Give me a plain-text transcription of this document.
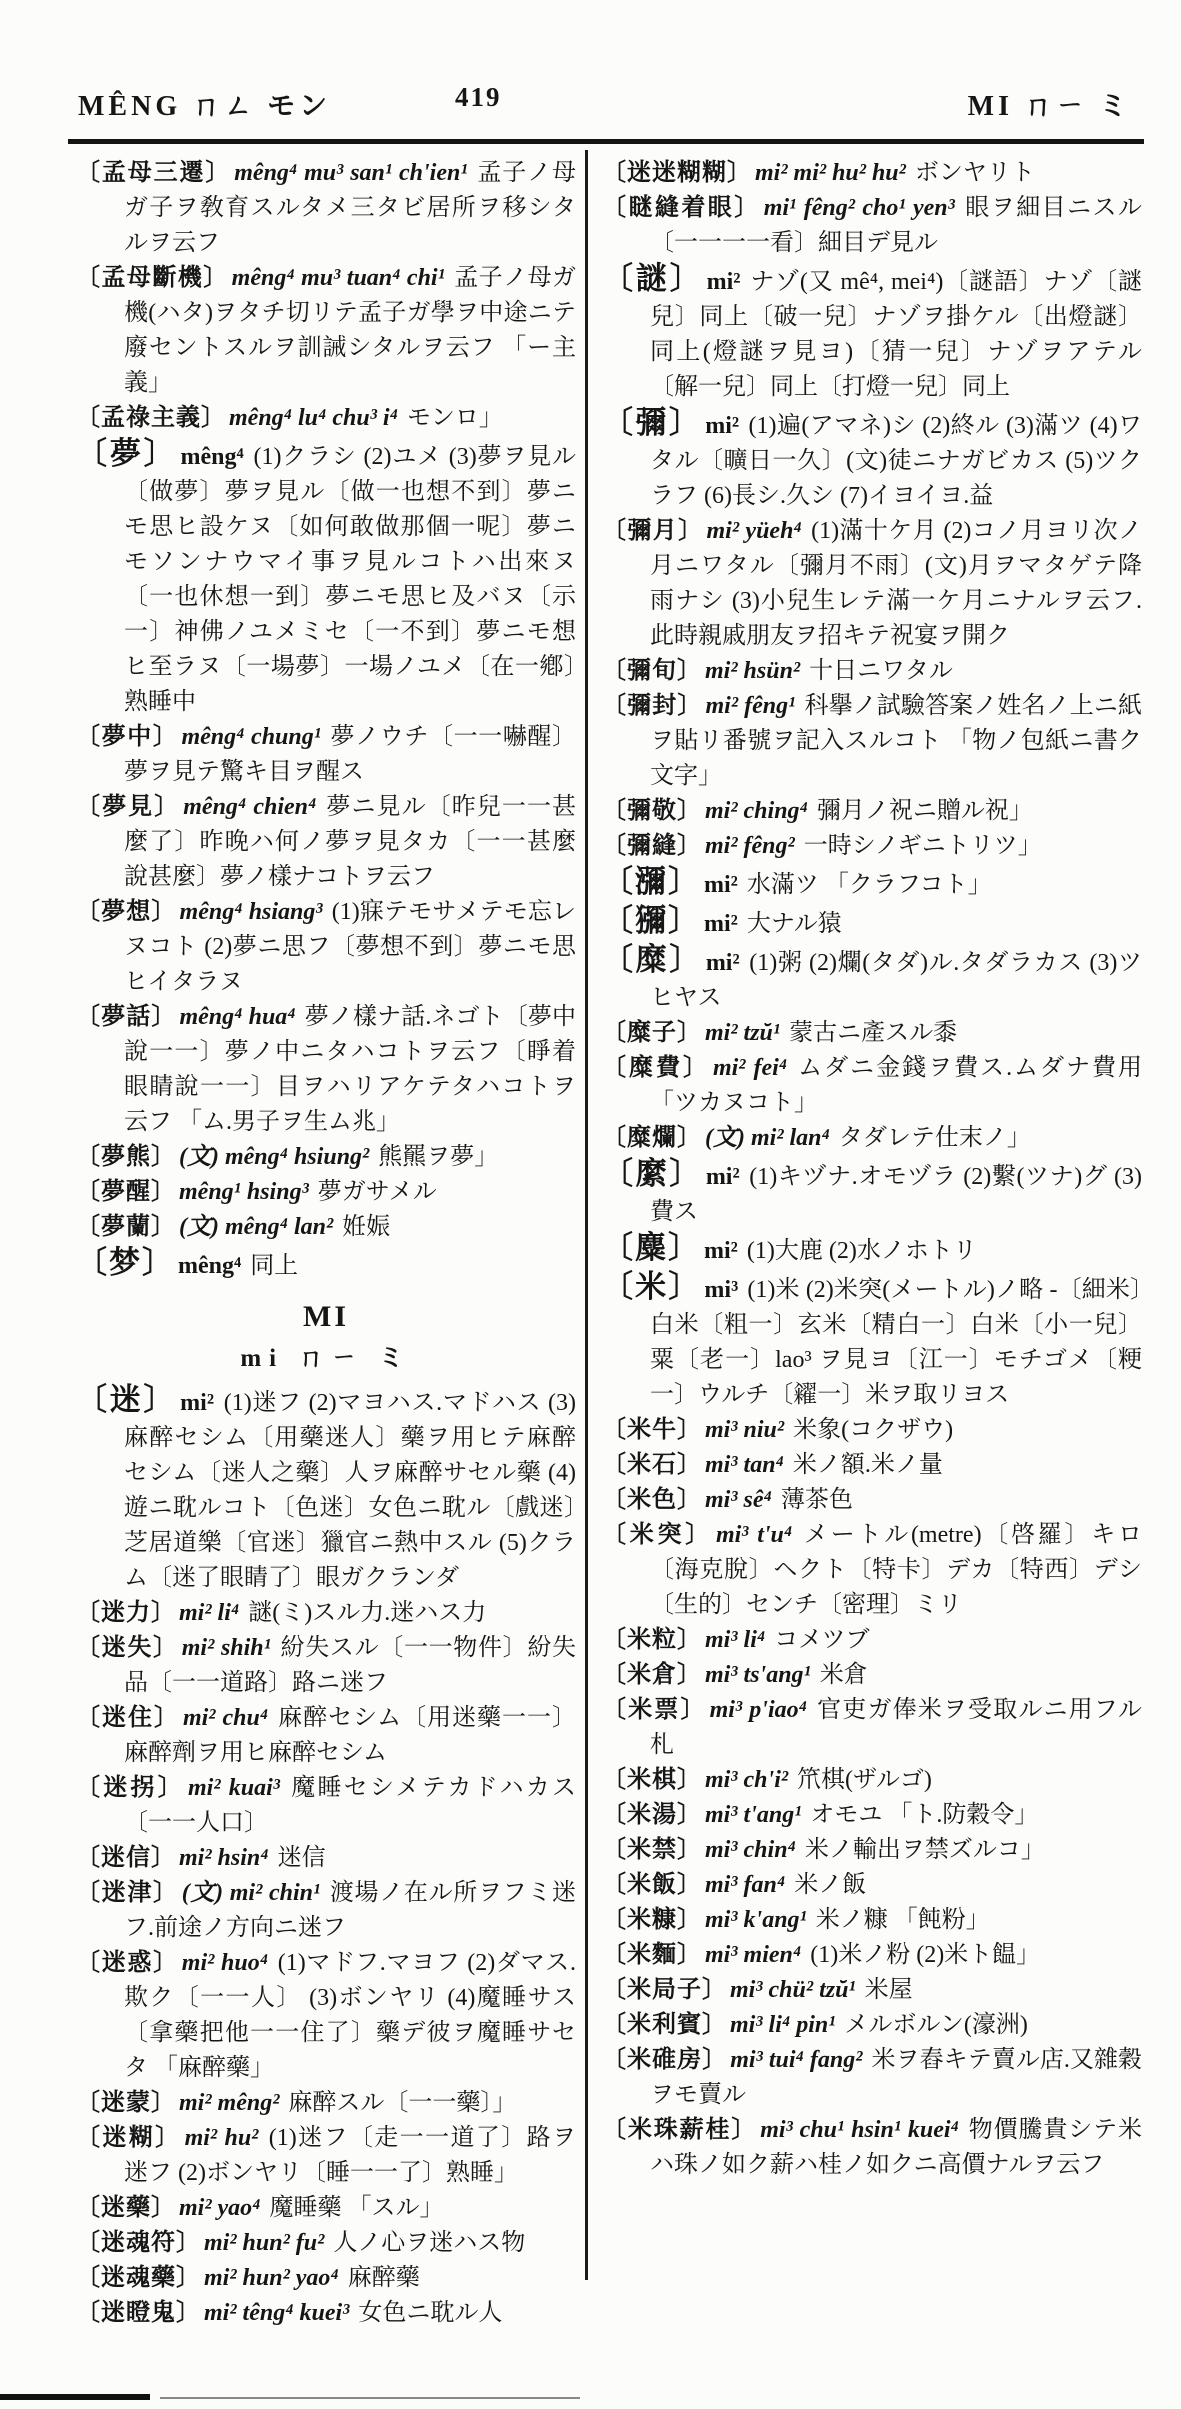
MÊNG ㄇㄥ モン	419	MI ㄇㄧ ミ

〔孟母三遷〕 mêng⁴ mu³ san¹ ch'ien¹ 孟子ノ母ガ子ヲ敎育スルタメ三タビ居所ヲ移シタルヲ云フ

〔孟母斷機〕 mêng⁴ mu³ tuan⁴ chi¹ 孟子ノ母ガ機(ハタ)ヲタチ切リテ孟子ガ學ヲ中途ニテ廢セントスルヲ訓誡シタルヲ云フ 「ー主義」

〔孟祿主義〕 mêng⁴ lu⁴ chu³ i⁴ モンロ」

〔夢〕 mêng⁴ (1)クラシ (2)ユメ (3)夢ヲ見ル 〔做夢〕夢ヲ見ル〔做一也想不到〕夢ニモ思ヒ設ケヌ〔如何敢做那個一呢〕夢ニモソンナウマイ事ヲ見ルコトハ出來ヌ〔一也休想一到〕夢ニモ思ヒ及バヌ〔示一〕神佛ノユメミセ〔一不到〕夢ニモ想ヒ至ラヌ〔一場夢〕一場ノユメ〔在一鄕〕熟睡中

〔夢中〕 mêng⁴ chung¹ 夢ノウチ〔一一嚇醒〕夢ヲ見テ驚キ目ヲ醒ス

〔夢見〕 mêng⁴ chien⁴ 夢ニ見ル〔昨兒一一甚麼了〕昨晚ハ何ノ夢ヲ見タカ〔一一甚麼說甚麼〕夢ノ樣ナコトヲ云フ

〔夢想〕 mêng⁴ hsiang³ (1)寐テモサメテモ忘レヌコト (2)夢ニ思フ〔夢想不到〕夢ニモ思ヒイタラヌ

〔夢話〕 mêng⁴ hua⁴ 夢ノ樣ナ話.ネゴト〔夢中說一一〕夢ノ中ニタハコトヲ云フ〔睜着眼睛說一一〕目ヲハリアケテタハコトヲ云フ 「ム.男子ヲ生ム兆」

〔夢熊〕 (文) mêng⁴ hsiung² 熊羆ヲ夢」

〔夢醒〕 mêng¹ hsing³ 夢ガサメル

〔夢蘭〕 (文) mêng⁴ lan² 姙娠

〔梦〕 mêng⁴ 同上

MI
mi ㄇㄧ ミ

〔迷〕 mi² (1)迷フ (2)マヨハス.マドハス (3)麻醉セシム〔用藥迷人〕藥ヲ用ヒテ麻醉セシム〔迷人之藥〕人ヲ麻醉サセル藥 (4)遊ニ耽ルコト〔色迷〕女色ニ耽ル〔戲迷〕芝居道樂〔官迷〕獵官ニ熱中スル (5)クラム〔迷了眼睛了〕眼ガクランダ

〔迷力〕 mi² li⁴ 謎(ミ)スル力.迷ハス力

〔迷失〕 mi² shih¹ 紛失スル〔一一物件〕紛失品〔一一道路〕路ニ迷フ

〔迷住〕 mi² chu⁴ 麻醉セシム〔用迷藥一一〕麻醉劑ヲ用ヒ麻醉セシム

〔迷拐〕 mi² kuai³ 魔睡セシメテカドハカス〔一一人口〕

〔迷信〕 mi² hsin⁴ 迷信

〔迷津〕 (文) mi² chin¹ 渡場ノ在ル所ヲフミ迷フ.前途ノ方向ニ迷フ

〔迷惑〕 mi² huo⁴ (1)マドフ.マヨフ (2)ダマス.欺ク〔一一人〕 (3)ボンヤリ (4)魔睡サス〔拿藥把他一一住了〕藥デ彼ヲ魔睡サセタ 「麻醉藥」

〔迷蒙〕 mi² mêng² 麻醉スル〔一一藥〕」

〔迷糊〕 mi² hu² (1)迷フ〔走一一道了〕路ヲ迷フ (2)ボンヤリ〔睡一一了〕熟睡」

〔迷藥〕 mi² yao⁴ 魔睡藥 「スル」

〔迷魂符〕 mi² hun² fu² 人ノ心ヲ迷ハス物

〔迷魂藥〕 mi² hun² yao⁴ 麻醉藥

〔迷瞪鬼〕 mi² têng⁴ kuei³ 女色ニ耽ル人

〔迷迷糊糊〕 mi² mi² hu² hu² ボンヤリト

〔瞇縫着眼〕 mi¹ fêng² cho¹ yen³ 眼ヲ細目ニスル〔一一一一看〕細目デ見ル

〔謎〕 mi² ナゾ(又 mê⁴, mei⁴)〔謎語〕ナゾ〔謎兒〕同上〔破一兒〕ナゾヲ掛ケル〔出燈謎〕同上(燈謎ヲ見ヨ)〔猜一兒〕ナゾヲアテル〔解一兒〕同上〔打燈一兒〕同上

〔彌〕 mi² (1)遍(アマネ)シ (2)終ル (3)滿ツ (4)ワタル〔曠日一久〕(文)徒ニナガビカス (5)ツクラフ (6)長シ.久シ (7)イヨイヨ.益

〔彌月〕 mi² yüeh⁴ (1)滿十ケ月 (2)コノ月ヨリ次ノ月ニワタル〔彌月不雨〕(文)月ヲマタゲテ降雨ナシ (3)小兒生レテ滿一ケ月ニナルヲ云フ. 此時親戚朋友ヲ招キテ祝宴ヲ開ク

〔彌旬〕 mi² hsün² 十日ニワタル

〔彌封〕 mi² fêng¹ 科擧ノ試驗答案ノ姓名ノ上ニ紙ヲ貼リ番號ヲ記入スルコト 「物ノ包紙ニ書ク文字」

〔彌敬〕 mi² ching⁴ 彌月ノ祝ニ贈ル祝」

〔彌縫〕 mi² fêng² 一時シノギニトリツ」

〔瀰〕 mi² 水滿ツ 「クラフコト」

〔獼〕 mi² 大ナル猿

〔糜〕 mi² (1)粥 (2)爛(タダ)ル.タダラカス (3)ツヒヤス

〔糜子〕 mi² tzŭ¹ 蒙古ニ產スル黍

〔糜費〕 mi² fei⁴ ムダニ金錢ヲ費ス.ムダナ費用 「ツカヌコト」

〔糜爛〕 (文) mi² lan⁴ タダレテ仕末ノ」

〔縻〕 mi² (1)キヅナ.オモヅラ (2)繫(ツナ)グ (3)費ス

〔麋〕 mi² (1)大鹿 (2)水ノホトリ

〔米〕 mi³ (1)米 (2)米突(メートル)ノ略 -〔細米〕白米〔粗一〕玄米〔精白一〕白米〔小一兒〕粟〔老一〕lao³ ヲ見ヨ〔江一〕モチゴメ〔粳一〕ウルチ〔糴一〕米ヲ取リヨス

〔米牛〕 mi³ niu² 米象(コクザウ)

〔米石〕 mi³ tan⁴ 米ノ額.米ノ量

〔米色〕 mi³ sê⁴ 薄茶色

〔米突〕 mi³ t'u⁴ メートル(metre)〔啓羅〕キロ〔海克脫〕ヘクト〔特卡〕デカ〔特西〕デシ〔生的〕センチ〔密理〕ミリ

〔米粒〕 mi³ li⁴ コメツブ

〔米倉〕 mi³ ts'ang¹ 米倉

〔米票〕 mi³ p'iao⁴ 官吏ガ俸米ヲ受取ルニ用フル札

〔米棋〕 mi³ ch'i² 笊棋(ザルゴ)

〔米湯〕 mi³ t'ang¹ オモユ 「ト.防穀令」

〔米禁〕 mi³ chin⁴ 米ノ輸出ヲ禁ズルコ」

〔米飯〕 mi³ fan⁴ 米ノ飯

〔米糠〕 mi³ k'ang¹ 米ノ糠 「飩粉」

〔米麵〕 mi³ mien⁴ (1)米ノ粉 (2)米ト饂」

〔米局子〕 mi³ chü² tzŭ¹ 米屋

〔米利賓〕 mi³ li⁴ pin¹ メルボルン(濠洲)

〔米碓房〕 mi³ tui⁴ fang² 米ヲ舂キテ賣ル店.又雜穀ヲモ賣ル

〔米珠薪桂〕 mi³ chu¹ hsin¹ kuei⁴ 物價騰貴シテ米ハ珠ノ如ク薪ハ桂ノ如クニ高價ナルヲ云フ
